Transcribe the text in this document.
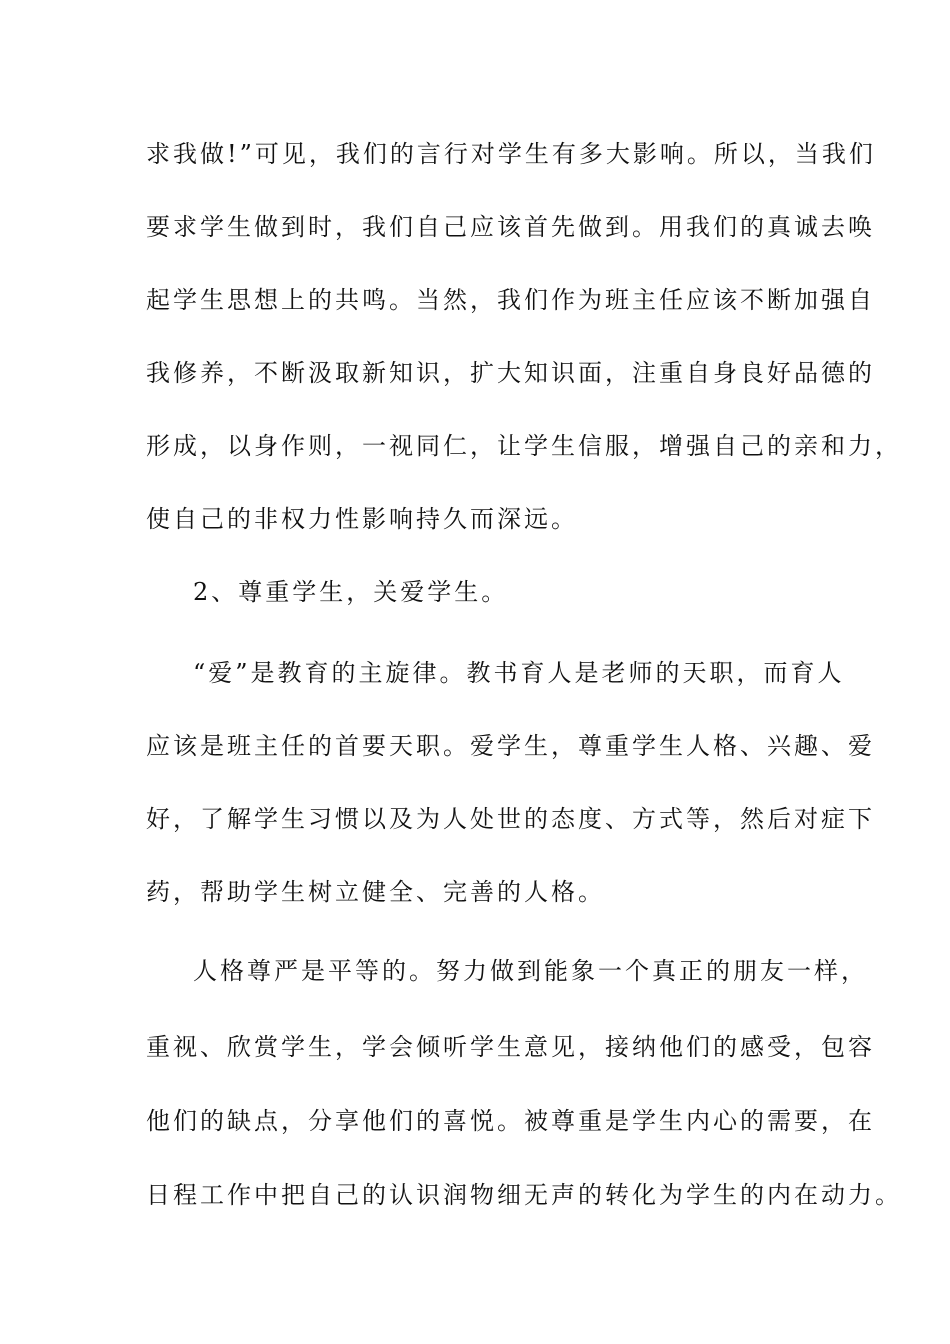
求我做!”可见，我们的言行对学生有多大影响。所以，当我们
要求学生做到时，我们自己应该首先做到。用我们的真诚去唤
起学生思想上的共鸣。当然，我们作为班主任应该不断加强自
我修养，不断汲取新知识，扩大知识面，注重自身良好品德的
形成，以身作则，一视同仁，让学生信服，增强自己的亲和力，
使自己的非权力性影响持久而深远。
2、尊重学生，关爱学生。
“爱”是教育的主旋律。教书育人是老师的天职，而育人
应该是班主任的首要天职。爱学生，尊重学生人格、兴趣、爱
好，了解学生习惯以及为人处世的态度、方式等，然后对症下
药，帮助学生树立健全、完善的人格。
人格尊严是平等的。努力做到能象一个真正的朋友一样，
重视、欣赏学生，学会倾听学生意见，接纳他们的感受，包容
他们的缺点，分享他们的喜悦。被尊重是学生内心的需要，在
日程工作中把自己的认识润物细无声的转化为学生的内在动力。
